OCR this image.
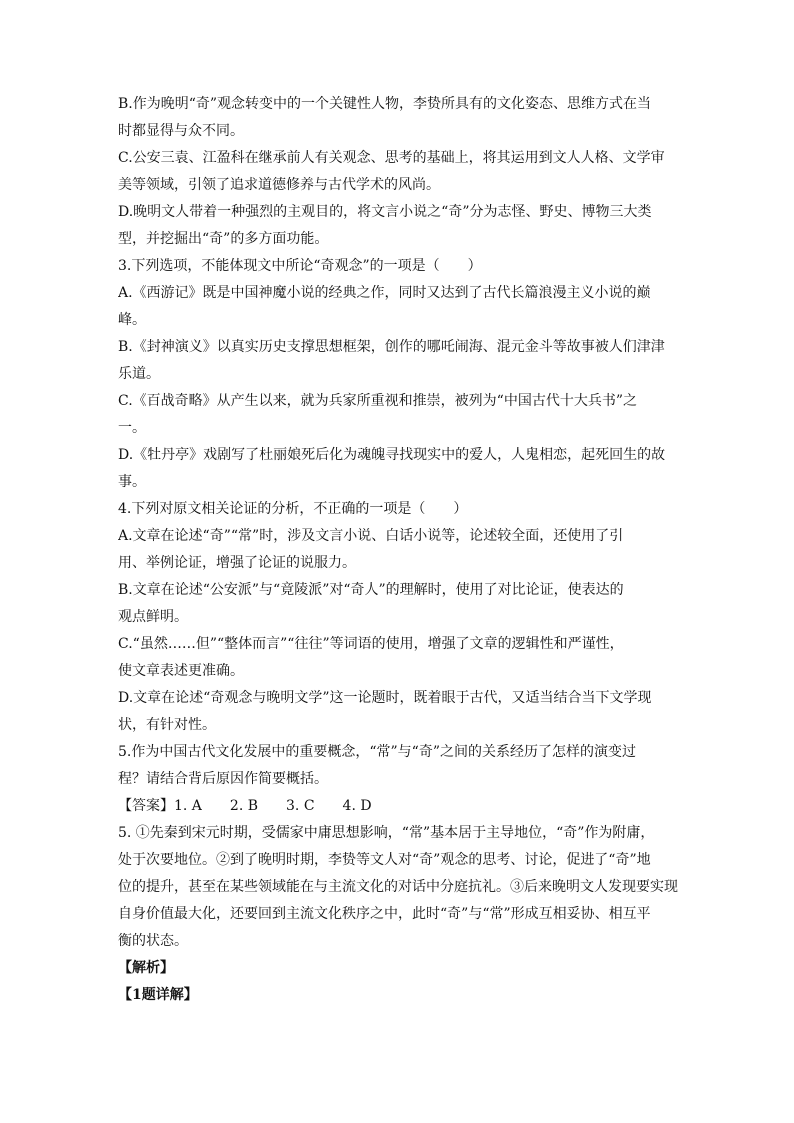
B.作为晚明“奇”观念转变中的一个关键性人物，李贽所具有的文化姿态、思维方式在当
时都显得与众不同。
C.公安三袁、江盈科在继承前人有关观念、思考的基础上，将其运用到文人人格、文学审
美等领域，引领了追求道德修养与古代学术的风尚。
D.晚明文人带着一种强烈的主观目的，将文言小说之“奇”分为志怪、野史、博物三大类
型，并挖掘出“奇”的多方面功能。
3.下列选项，不能体现文中所论“奇观念”的一项是（　　）
A.《西游记》既是中国神魔小说的经典之作，同时又达到了古代长篇浪漫主义小说的巅
峰。
B.《封神演义》以真实历史支撑思想框架，创作的哪吒闹海、混元金斗等故事被人们津津
乐道。
C.《百战奇略》从产生以来，就为兵家所重视和推崇，被列为“中国古代十大兵书”之
一。
D.《牡丹亭》戏剧写了杜丽娘死后化为魂魄寻找现实中的爱人，人鬼相恋，起死回生的故
事。
4.下列对原文相关论证的分析，不正确的一项是（　　）
A.文章在论述“奇”“常”时，涉及文言小说、白话小说等，论述较全面，还使用了引
用、举例论证，增强了论证的说服力。
B.文章在论述“公安派”与“竟陵派”对“奇人”的理解时，使用了对比论证，使表达的
观点鲜明。
C.“虽然……但”“整体而言”“往往”等词语的使用，增强了文章的逻辑性和严谨性，
使文章表述更准确。
D.文章在论述“奇观念与晚明文学”这一论题时，既着眼于古代，又适当结合当下文学现
状，有针对性。
5.作为中国古代文化发展中的重要概念，“常”与“奇”之间的关系经历了怎样的演变过
程？请结合背后原因作简要概括。
【答案】1. A　　2. B　　3. C　　4. D
5. ①先秦到宋元时期，受儒家中庸思想影响，“常”基本居于主导地位，“奇”作为附庸，
处于次要地位。②到了晚明时期，李贽等文人对“奇”观念的思考、讨论，促进了“奇”地
位的提升，甚至在某些领域能在与主流文化的对话中分庭抗礼。③后来晚明文人发现要实现
自身价值最大化，还要回到主流文化秩序之中，此时“奇”与“常”形成互相妥协、相互平
衡的状态。
【解析】
【1题详解】
